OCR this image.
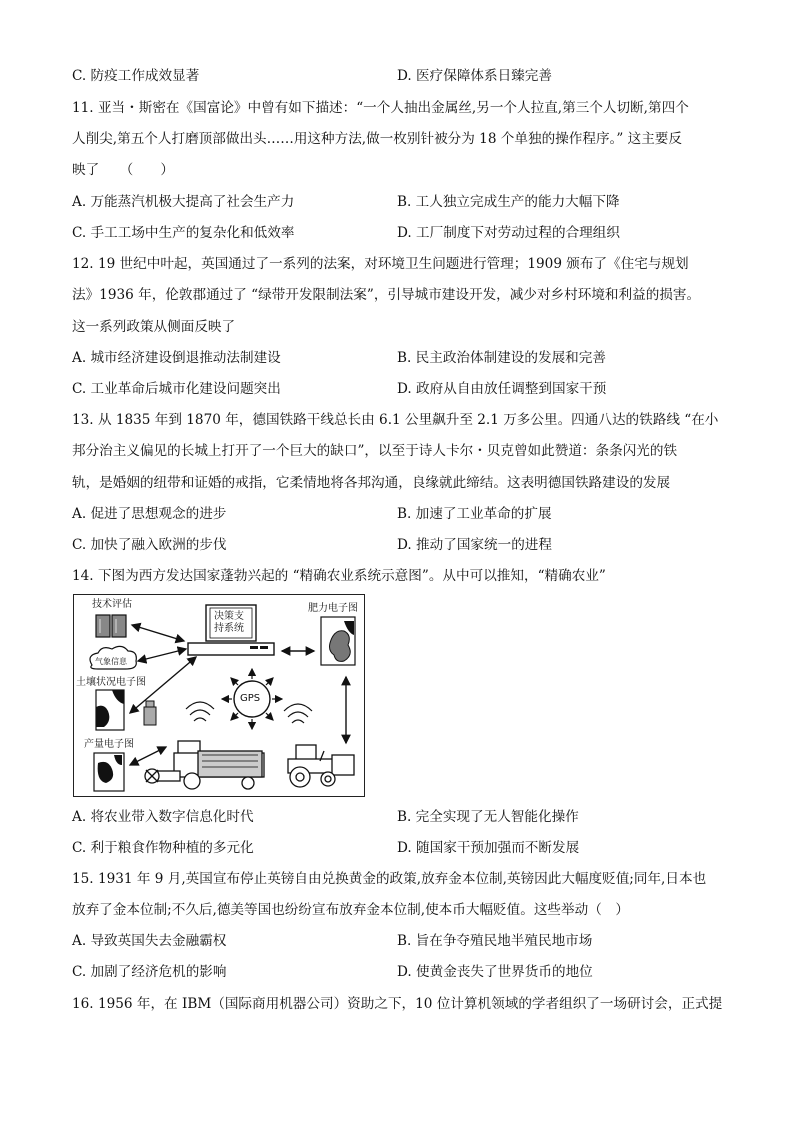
C. 防疫工作成效显著	D. 医疗保障体系日臻完善
11. 亚当・斯密在《国富论》中曾有如下描述：“一个人抽出金属丝,另一个人拉直,第三个人切断,第四个
人削尖,第五个人打磨顶部做出头……用这种方法,做一枚别针被分为 18 个单独的操作程序。” 这主要反
映了　　（　　）
A. 万能蒸汽机极大提高了社会生产力	B. 工人独立完成生产的能力大幅下降
C. 手工工场中生产的复杂化和低效率	D. 工厂制度下对劳动过程的合理组织
12. 19 世纪中叶起，英国通过了一系列的法案，对环境卫生问题进行管理；1909 颁布了《住宅与规划
法》1936 年，伦敦郡通过了 “绿带开发限制法案”，引导城市建设开发，减少对乡村环境和利益的损害。
这一系列政策从侧面反映了
A. 城市经济建设倒退推动法制建设	B. 民主政治体制建设的发展和完善
C. 工业革命后城市化建设问题突出	D. 政府从自由放任调整到国家干预
13. 从 1835 年到 1870 年，德国铁路干线总长由 6.1 公里飙升至 2.1 万多公里。四通八达的铁路线 “在小
邦分治主义偏见的长城上打开了一个巨大的缺口”，以至于诗人卡尔・贝克曾如此赞道：条条闪光的铁
轨，是婚姻的纽带和证婚的戒指，它柔情地将各邦沟通，良缘就此缔结。这表明德国铁路建设的发展
A. 促进了思想观念的进步	B. 加速了工业革命的扩展
C. 加快了融入欧洲的步伐	D. 推动了国家统一的进程
14. 下图为西方发达国家蓬勃兴起的 “精确农业系统示意图”。从中可以推知，“精确农业”
技术评估
决策支
持系统
肥力电子图
气象信息
土壤状况电子图
GPS
产量电子图
A. 将农业带入数字信息化时代	B. 完全实现了无人智能化操作
C. 利于粮食作物种植的多元化	D. 随国家干预加强而不断发展
15. 1931 年 9 月,英国宣布停止英镑自由兑换黄金的政策,放弃金本位制,英镑因此大幅度贬值;同年,日本也
放弃了金本位制;不久后,德美等国也纷纷宣布放弃金本位制,使本币大幅贬值。这些举动（　）
A. 导致英国失去金融霸权	B. 旨在争夺殖民地半殖民地市场
C. 加剧了经济危机的影响	D. 使黄金丧失了世界货币的地位
16. 1956 年，在 IBM（国际商用机器公司）资助之下，10 位计算机领域的学者组织了一场研讨会，正式提
